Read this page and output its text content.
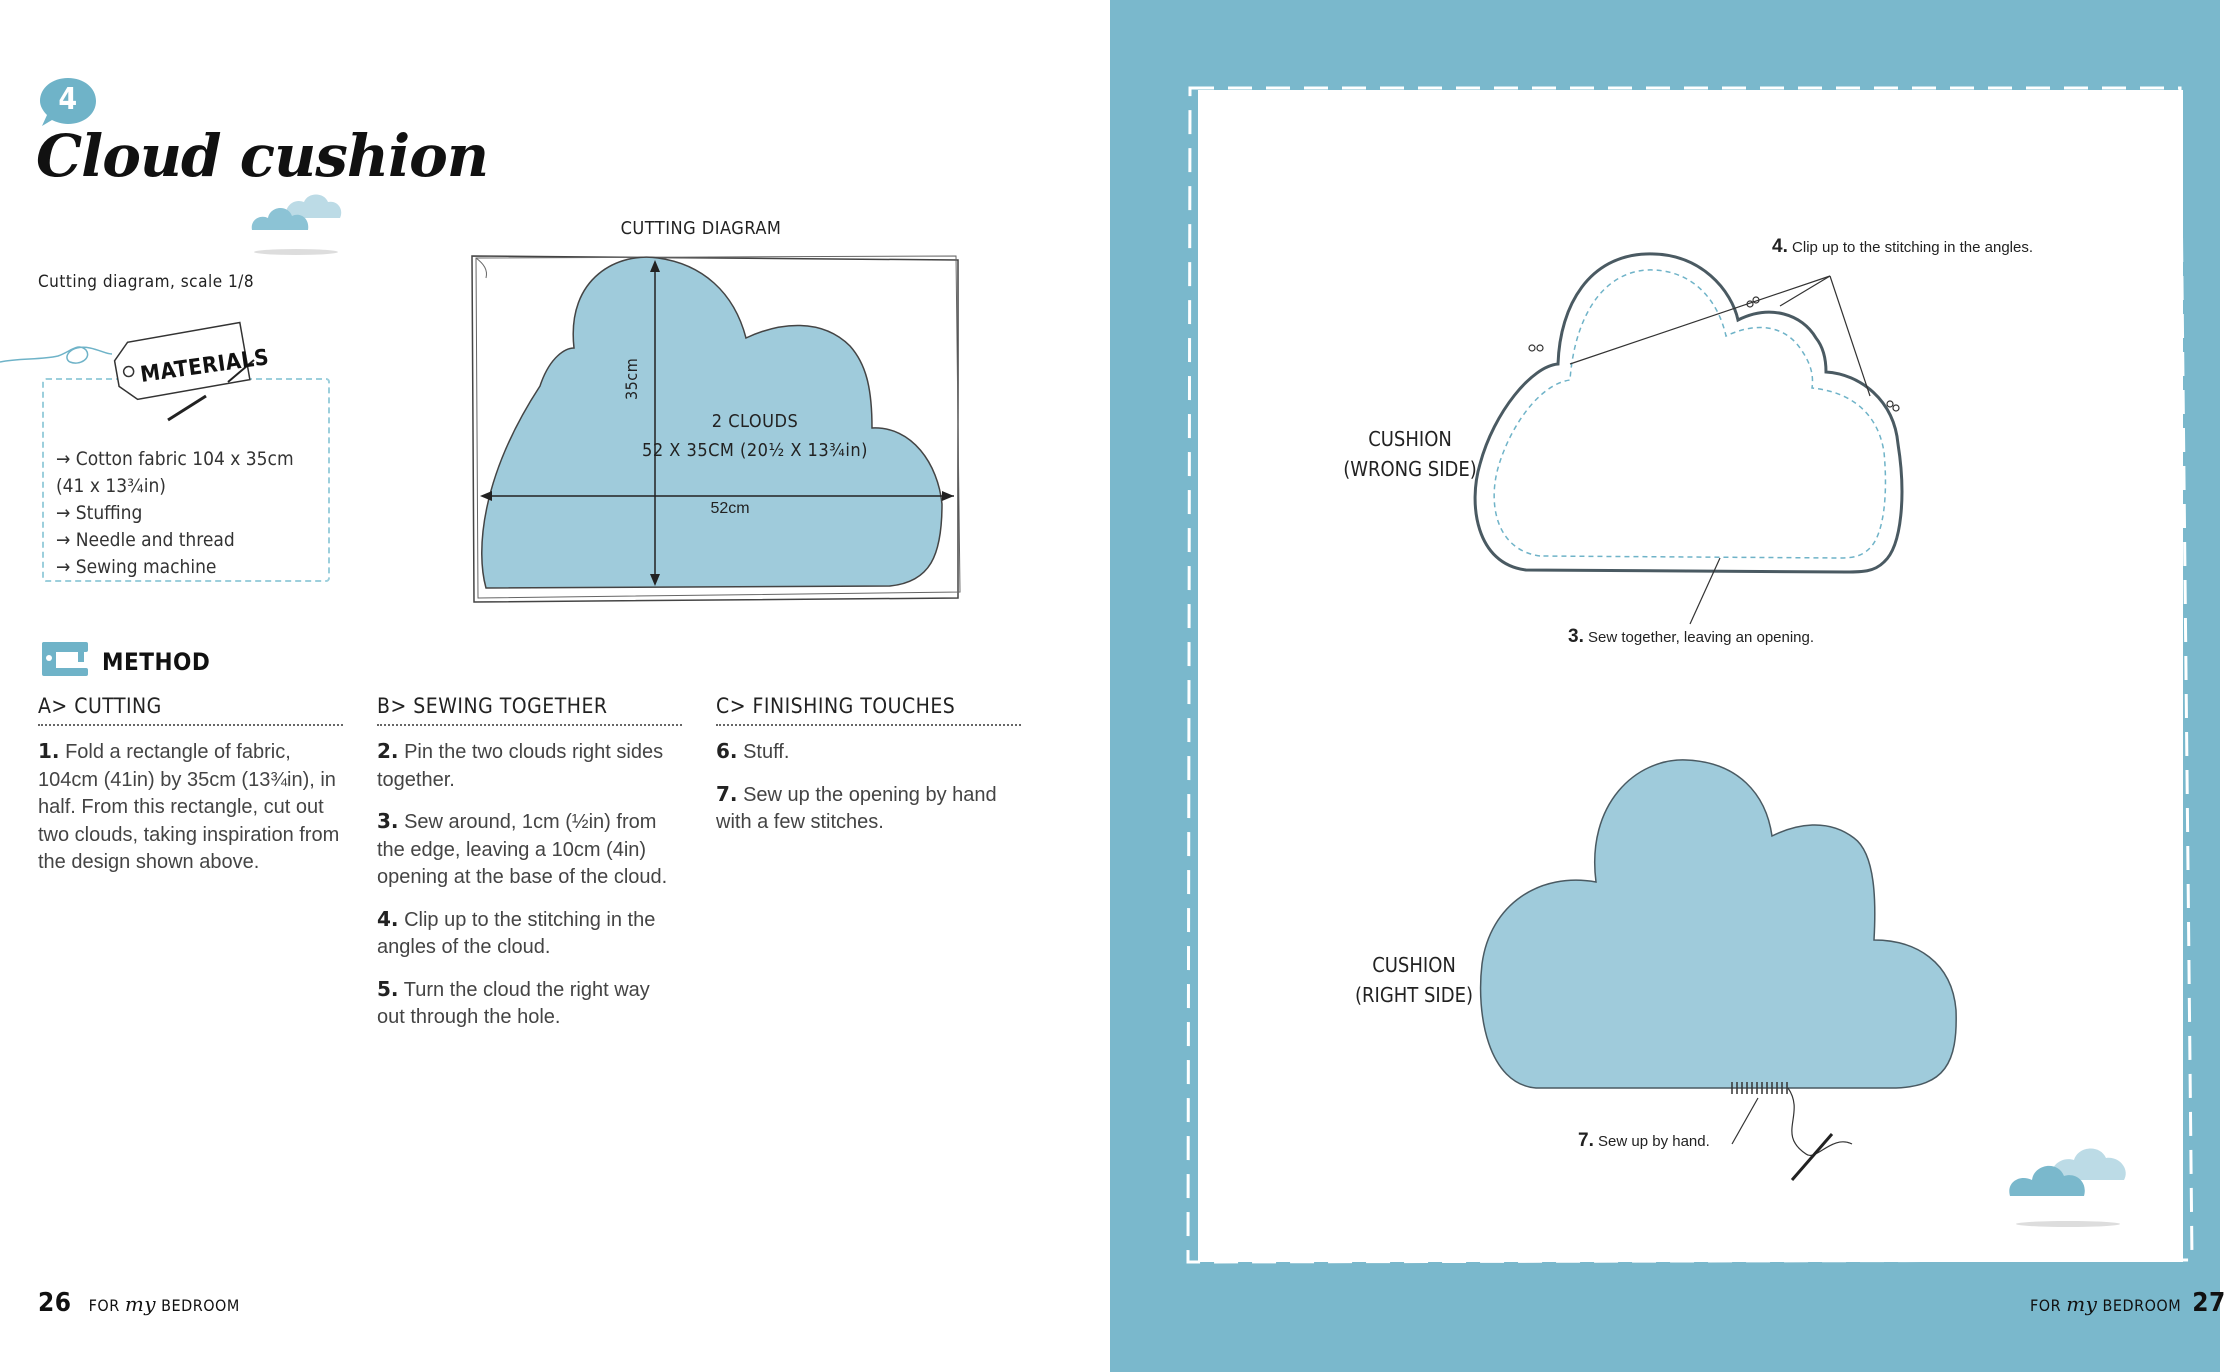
4
Cloud cushion
Cutting diagram, scale 1/8
MATERIALS
→ Cotton fabric 104 x 35cm (41 x 13¾in)
→ Stuffing
→ Needle and thread
→ Sewing machine
CUTTING DIAGRAM
35cm
52cm
2 CLOUDS
52 X 35CM (20½ X 13¾in)
METHOD
A> CUTTING

1. Fold a rectangle of fabric, 104cm (41in) by 35cm (13¾in), in half. From this rectangle, cut out two clouds, taking inspiration from the design shown above.

B> SEWING TOGETHER

2. Pin the two clouds right sides together.

3. Sew around, 1cm (½in) from the edge, leaving a 10cm (4in) opening at the base of the cloud.

4. Clip up to the stitching in the angles of the cloud.

5. Turn the cloud the right way out through the hole.

C> FINISHING TOUCHES

6. Stuff.

7. Sew up the opening by hand with a few stitches.

26 FOR my BEDROOM
CUSHION
(WRONG SIDE)
4. Clip up to the stitching in the angles.
3. Sew together, leaving an opening.
CUSHION
(RIGHT SIDE)
7. Sew up by hand.
FOR my BEDROOM 27
